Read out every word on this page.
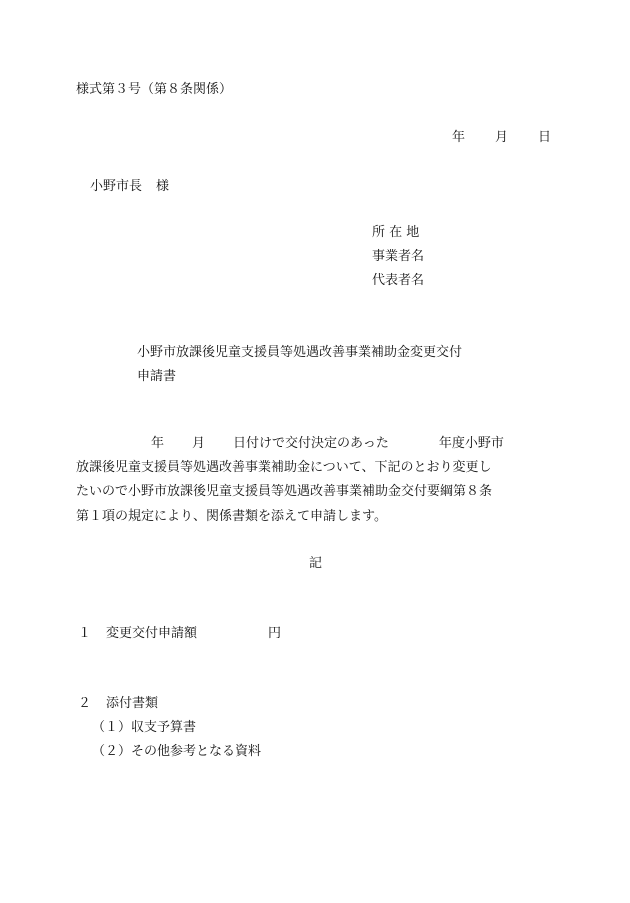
様式第３号（第８条関係）
年 月 日
小野市長 様
所 在 地
事業者名
代表者名
小野市放課後児童支援員等処遇改善事業補助金変更交付
申請書
年 月 日付けで交付決定のあった	年度小野市
放課後児童支援員等処遇改善事業補助金について、下記のとおり変更し
たいので小野市放課後児童支援員等処遇改善事業補助金交付要綱第８条
第１項の規定により、関係書類を添えて申請します。
記
１ 変更交付申請額	円
２ 添付書類
（１）収支予算書
（２）その他参考となる資料
